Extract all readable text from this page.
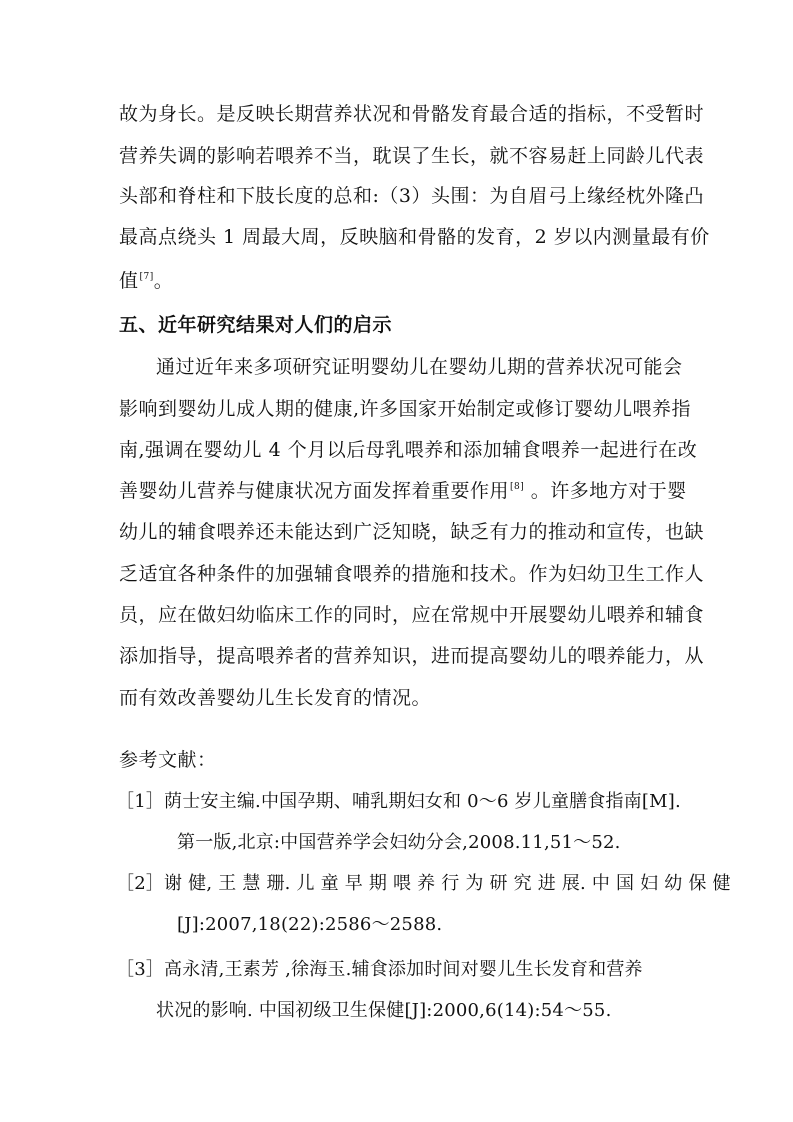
故为身长。是反映长期营养状况和骨骼发育最合适的指标，不受暂时
营养失调的影响若喂养不当，耽误了生长，就不容易赶上同龄儿代表
头部和脊柱和下肢长度的总和:（3）头围：为自眉弓上缘经枕外隆凸
最高点绕头 1 周最大周，反映脑和骨骼的发育，2 岁以内测量最有价
值[7]。
五、近年研究结果对人们的启示
通过近年来多项研究证明婴幼儿在婴幼儿期的营养状况可能会
影响到婴幼儿成人期的健康,许多国家开始制定或修订婴幼儿喂养指
南,强调在婴幼儿 4 个月以后母乳喂养和添加辅食喂养一起进行在改
善婴幼儿营养与健康状况方面发挥着重要作用[8] 。许多地方对于婴
幼儿的辅食喂养还未能达到广泛知晓，缺乏有力的推动和宣传，也缺
乏适宜各种条件的加强辅食喂养的措施和技术。作为妇幼卫生工作人
员，应在做妇幼临床工作的同时，应在常规中开展婴幼儿喂养和辅食
添加指导，提高喂养者的营养知识，进而提高婴幼儿的喂养能力，从
而有效改善婴幼儿生长发育的情况。
参考文献：
［1］荫士安主编.中国孕期、哺乳期妇女和 0～6 岁儿童膳食指南[M].
第一版,北京:中国营养学会妇幼分会,2008.11,51～52.
［2］谢 健, 王 慧 珊. 儿 童 早 期 喂 养 行 为 研 究 进 展. 中 国 妇 幼 保 健
[J]:2007,18(22):2586～2588.
［3］高永清,王素芳 ,徐海玉.辅食添加时间对婴儿生长发育和营养
状况的影响. 中国初级卫生保健[J]:2000,6(14):54～55.
